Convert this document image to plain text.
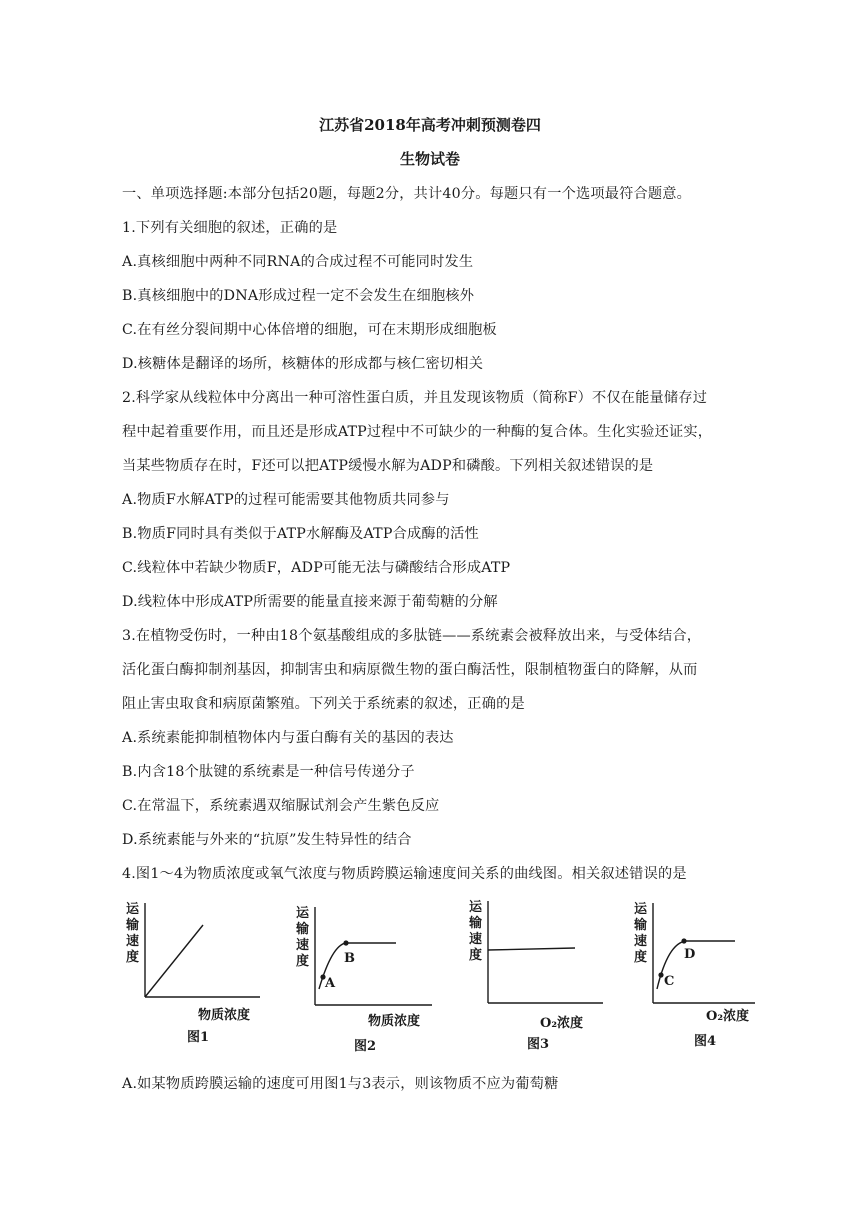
江苏省2018年高考冲刺预测卷四
生物试卷
一、单项选择题:本部分包括20题，每题2分，共计40分。每题只有一个选项最符合题意。
1.下列有关细胞的叙述，正确的是
A.真核细胞中两种不同RNA的合成过程不可能同时发生
B.真核细胞中的DNA形成过程一定不会发生在细胞核外
C.在有丝分裂间期中心体倍增的细胞，可在末期形成细胞板
D.核糖体是翻译的场所，核糖体的形成都与核仁密切相关
2.科学家从线粒体中分离出一种可溶性蛋白质，并且发现该物质（简称F）不仅在能量储存过
程中起着重要作用，而且还是形成ATP过程中不可缺少的一种酶的复合体。生化实验还证实，
当某些物质存在时，F还可以把ATP缓慢水解为ADP和磷酸。下列相关叙述错误的是
A.物质F水解ATP的过程可能需要其他物质共同参与
B.物质F同时具有类似于ATP水解酶及ATP合成酶的活性
C.线粒体中若缺少物质F，ADP可能无法与磷酸结合形成ATP
D.线粒体中形成ATP所需要的能量直接来源于葡萄糖的分解
3.在植物受伤时，一种由18个氨基酸组成的多肽链——系统素会被释放出来，与受体结合，
活化蛋白酶抑制剂基因，抑制害虫和病原微生物的蛋白酶活性，限制植物蛋白的降解，从而
阻止害虫取食和病原菌繁殖。下列关于系统素的叙述，正确的是
A.系统素能抑制植物体内与蛋白酶有关的基因的表达
B.内含18个肽键的系统素是一种信号传递分子
C.在常温下，系统素遇双缩脲试剂会产生紫色反应
D.系统素能与外来的“抗原”发生特异性的结合
4.图1～4为物质浓度或氧气浓度与物质跨膜运输速度间关系的曲线图。相关叙述错误的是
运
输
速
度
物质浓度
图1
运
输
速
度
A
B
物质浓度
图2
运
输
速
度
O₂浓度
图3
运
输
速
度
C
D
O₂浓度
图4
A.如某物质跨膜运输的速度可用图1与3表示，则该物质不应为葡萄糖
